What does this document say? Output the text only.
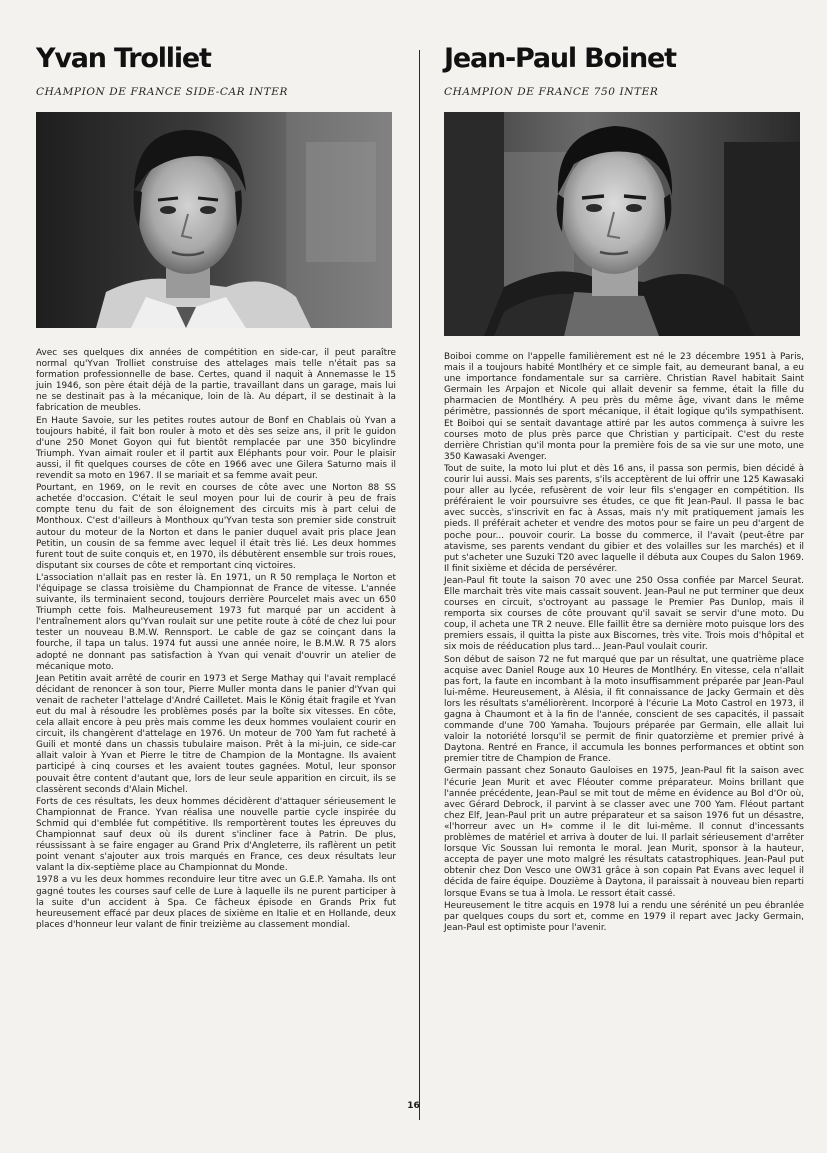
Yvan Trolliet
CHAMPION DE FRANCE SIDE-CAR INTER

Avec ses quelques dix années de compétition en side-car, il peut paraître normal qu'Yvan Trolliet construise des attelages mais telle n'était pas sa formation professionnelle de base. Certes, quand il naquit à Annemasse le 15 juin 1946, son père était déjà de la partie, travaillant dans un garage, mais lui ne se destinait pas à la mécanique, loin de là. Au départ, il se destinait à la fabrication de meubles.

En Haute Savoie, sur les petites routes autour de Bonf en Chablais où Yvan a toujours habité, il fait bon rouler à moto et dès ses seize ans, il prit le guidon d'une 250 Monet Goyon qui fut bientôt remplacée par une 350 bicylindre Triumph. Yvan aimait rouler et il partit aux Eléphants pour voir. Pour le plaisir aussi, il fit quelques courses de côte en 1966 avec une Gilera Saturno mais il revendit sa moto en 1967. Il se mariait et sa femme avait peur.

Pourtant, en 1969, on le revit en courses de côte avec une Norton 88 SS achetée d'occasion. C'était le seul moyen pour lui de courir à peu de frais compte tenu du fait de son éloignement des circuits mis à part celui de Monthoux. C'est d'ailleurs à Monthoux qu'Yvan testa son premier side construit autour du moteur de la Norton et dans le panier duquel avait pris place Jean Petitin, un cousin de sa femme avec lequel il était très lié. Les deux hommes furent tout de suite conquis et, en 1970, ils débutèrent ensemble sur trois roues, disputant six courses de côte et remportant cinq victoires.

L'association n'allait pas en rester là. En 1971, un R 50 remplaça le Norton et l'équipage se classa troisième du Championnat de France de vitesse. L'année suivante, ils terminaient second, toujours derrière Pourcelet mais avec un 650 Triumph cette fois. Malheureusement 1973 fut marqué par un accident à l'entraînement alors qu'Yvan roulait sur une petite route à côté de chez lui pour tester un nouveau B.M.W. Rennsport. Le cable de gaz se coinçant dans la fourche, il tapa un talus. 1974 fut aussi une année noire, le B.M.W. R 75 alors adopté ne donnant pas satisfaction à Yvan qui venait d'ouvrir un atelier de mécanique moto.

Jean Petitin avait arrêté de courir en 1973 et Serge Mathay qui l'avait remplacé décidant de renoncer à son tour, Pierre Muller monta dans le panier d'Yvan qui venait de racheter l'attelage d'André Cailletet. Mais le König était fragile et Yvan eut du mal à résoudre les problèmes posés par la boîte six vitesses. En côte, cela allait encore à peu près mais comme les deux hommes voulaient courir en circuit, ils changèrent d'attelage en 1976. Un moteur de 700 Yam fut racheté à Guili et monté dans un chassis tubulaire maison. Prêt à la mi-juin, ce side-car allait valoir à Yvan et Pierre le titre de Champion de la Montagne. Ils avaient participé à cinq courses et les avaient toutes gagnées. Motul, leur sponsor pouvait être content d'autant que, lors de leur seule apparition en circuit, ils se classèrent seconds d'Alain Michel.

Forts de ces résultats, les deux hommes décidèrent d'attaquer sérieusement le Championnat de France. Yvan réalisa une nouvelle partie cycle inspirée du Schmid qui d'emblée fut compétitive. Ils remportèrent toutes les épreuves du Championnat sauf deux où ils durent s'incliner face à Patrin. De plus, réussissant à se faire engager au Grand Prix d'Angleterre, ils raflèrent un petit point venant s'ajouter aux trois marqués en France, ces deux résultats leur valant la dix-septième place au Championnat du Monde.

1978 a vu les deux hommes reconduire leur titre avec un G.E.P. Yamaha. Ils ont gagné toutes les courses sauf celle de Lure à laquelle ils ne purent participer à la suite d'un accident à Spa. Ce fâcheux épisode en Grands Prix fut heureusement effacé par deux places de sixième en Italie et en Hollande, deux places d'honneur leur valant de finir treizième au classement mondial.

Jean-Paul Boinet
CHAMPION DE FRANCE 750 INTER

Boiboi comme on l'appelle familièrement est né le 23 décembre 1951 à Paris, mais il a toujours habité Montlhéry et ce simple fait, au demeurant banal, a eu une importance fondamentale sur sa carrière. Christian Ravel habitait Saint Germain les Arpajon et Nicole qui allait devenir sa femme, était la fille du pharmacien de Montlhéry. A peu près du même âge, vivant dans le même périmètre, passionnés de sport mécanique, il était logique qu'ils sympathisent. Et Boiboi qui se sentait davantage attiré par les autos commença à suivre les courses moto de plus près parce que Christian y participait. C'est du reste derrière Christian qu'il monta pour la première fois de sa vie sur une moto, une 350 Kawasaki Avenger.

Tout de suite, la moto lui plut et dès 16 ans, il passa son permis, bien décidé à courir lui aussi. Mais ses parents, s'ils acceptèrent de lui offrir une 125 Kawasaki pour aller au lycée, refusèrent de voir leur fils s'engager en compétition. Ils préféraient le voir poursuivre ses études, ce que fit Jean-Paul. Il passa le bac avec succès, s'inscrivit en fac à Assas, mais n'y mit pratiquement jamais les pieds. Il préférait acheter et vendre des motos pour se faire un peu d'argent de poche pour... pouvoir courir. La bosse du commerce, il l'avait (peut-être par atavisme, ses parents vendant du gibier et des volailles sur les marchés) et il put s'acheter une Suzuki T20 avec laquelle il débuta aux Coupes du Salon 1969. Il finit sixième et décida de persévérer.

Jean-Paul fit toute la saison 70 avec une 250 Ossa confiée par Marcel Seurat. Elle marchait très vite mais cassait souvent. Jean-Paul ne put terminer que deux courses en circuit, s'octroyant au passage le Premier Pas Dunlop, mais il remporta six courses de côte prouvant qu'il savait se servir d'une moto. Du coup, il acheta une TR 2 neuve. Elle faillit être sa dernière moto puisque lors des premiers essais, il quitta la piste aux Biscornes, très vite. Trois mois d'hôpital et six mois de rééducation plus tard... Jean-Paul voulait courir.

Son début de saison 72 ne fut marqué que par un résultat, une quatrième place acquise avec Daniel Rouge aux 10 Heures de Montlhéry. En vitesse, cela n'allait pas fort, la faute en incombant à la moto insuffisamment préparée par Jean-Paul lui-même. Heureusement, à Alésia, il fit connaissance de Jacky Germain et dès lors les résultats s'améliorèrent. Incorporé à l'écurie La Moto Castrol en 1973, il gagna à Chaumont et à la fin de l'année, conscient de ses capacités, il passait commande d'une 700 Yamaha. Toujours préparée par Germain, elle allait lui valoir la notoriété lorsqu'il se permit de finir quatorzième et premier privé à Daytona. Rentré en France, il accumula les bonnes performances et obtint son premier titre de Champion de France.

Germain passant chez Sonauto Gauloises en 1975, Jean-Paul fit la saison avec l'écurie Jean Murit et avec Fléouter comme préparateur. Moins brillant que l'année précédente, Jean-Paul se mit tout de même en évidence au Bol d'Or où, avec Gérard Debrock, il parvint à se classer avec une 700 Yam. Fléout partant chez Elf, Jean-Paul prit un autre préparateur et sa saison 1976 fut un désastre, «l'horreur avec un H» comme il le dit lui-même. Il connut d'incessants problèmes de matériel et arriva à douter de lui. Il parlait sérieusement d'arrêter lorsque Vic Soussan lui remonta le moral. Jean Murit, sponsor à la hauteur, accepta de payer une moto malgré les résultats catastrophiques. Jean-Paul put obtenir chez Don Vesco une OW31 grâce à son copain Pat Evans avec lequel il décida de faire équipe. Douzième à Daytona, il paraissait à nouveau bien reparti lorsque Evans se tua à Imola. Le ressort était cassé.

Heureusement le titre acquis en 1978 lui a rendu une sérénité un peu ébranlée par quelques coups du sort et, comme en 1979 il repart avec Jacky Germain, Jean-Paul est optimiste pour l'avenir.

16
